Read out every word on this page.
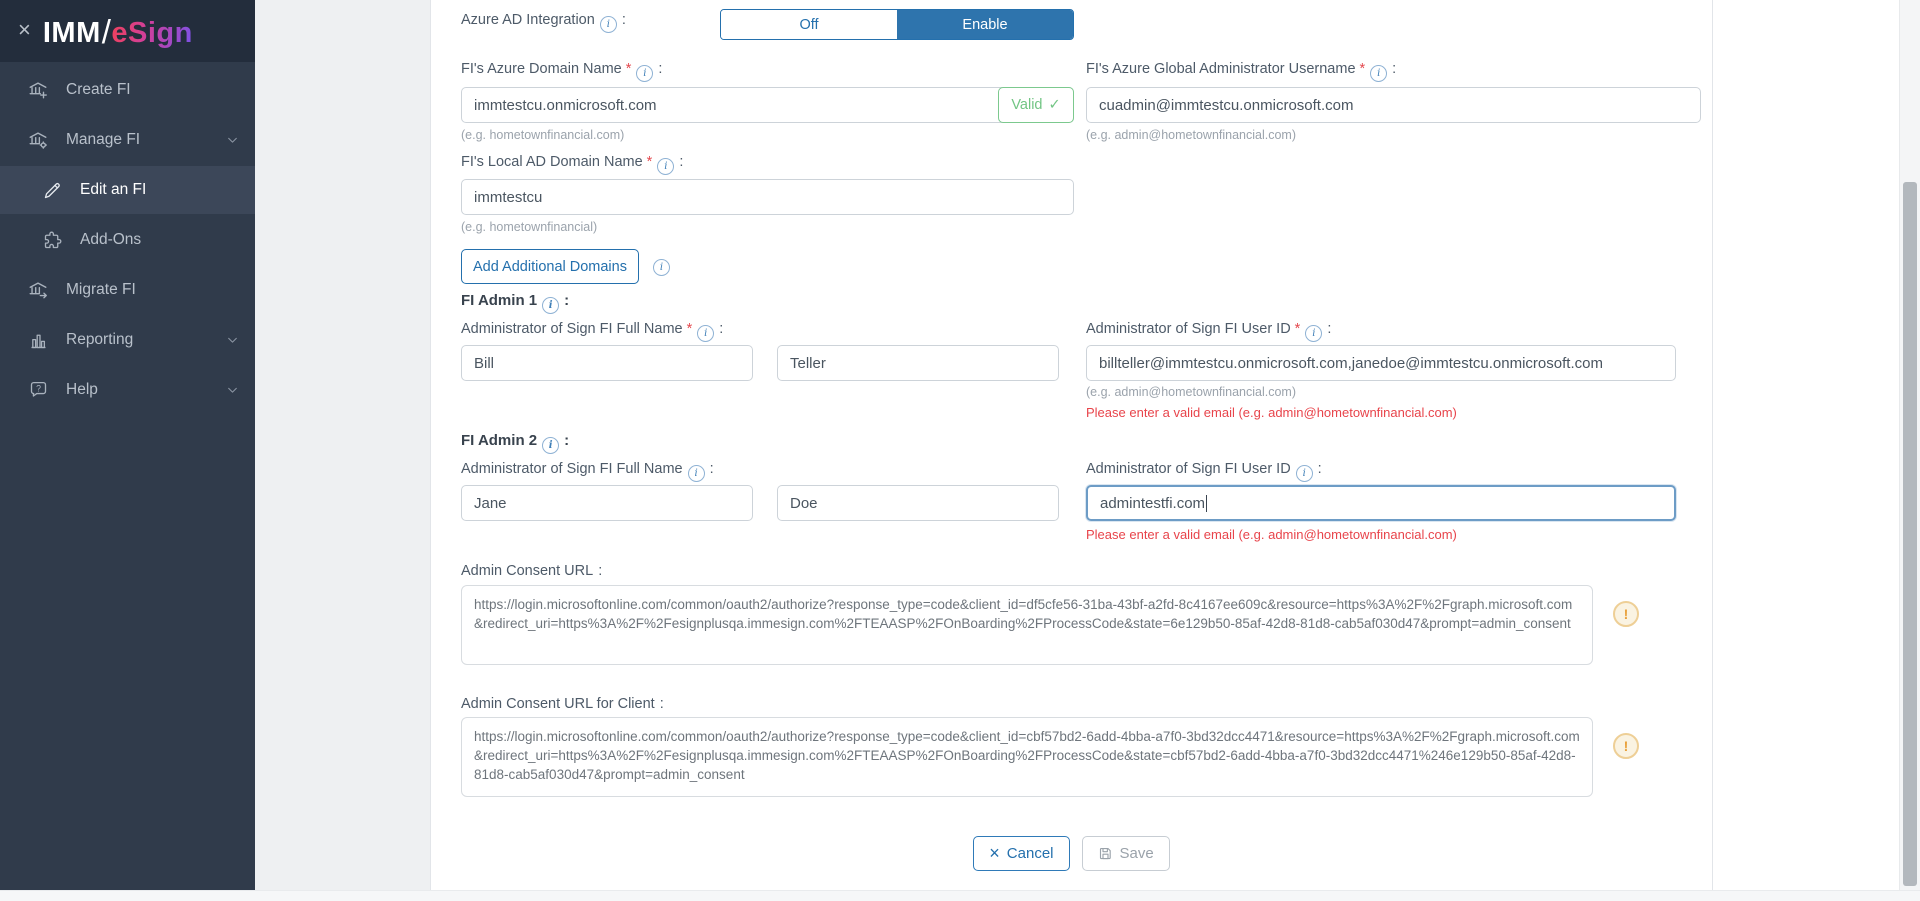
× IMM/eSign
Create FI
Manage FI
Edit an FI
Add-Ons
Migrate FI
Reporting
? Help
Azure AD Integration i :	Off	Enable
FI's Azure Domain Name * i :
immtestcu.onmicrosoft.com
Valid ✓
(e.g. hometownfinancial.com)
FI's Azure Global Administrator Username * i :
cuadmin@immtestcu.onmicrosoft.com
(e.g. admin@hometownfinancial.com)
FI's Local AD Domain Name * i :
immtestcu
(e.g. hometownfinancial)
Add Additional Domains	i
FI Admin 1 i :
Administrator of Sign FI Full Name * i :
Bill
Teller	Administrator of Sign FI User ID * i :
billteller@immtestcu.onmicrosoft.com,janedoe@immtestcu.onmicrosoft.com
(e.g. admin@hometownfinancial.com)
Please enter a valid email (e.g. admin@hometownfinancial.com)
FI Admin 2 i :
Administrator of Sign FI Full Name i :
Jane
Doe	Administrator of Sign FI User ID i :
admintestfi.com
Please enter a valid email (e.g. admin@hometownfinancial.com)
Admin Consent URL :
https://login.microsoftonline.com/common/oauth2/authorize?response_type=code&client_id=df5cfe56-31ba-43bf-a2fd-8c4167ee609c&resource=https%3A%2F%2Fgraph.microsoft.com&redirect_uri=https%3A%2F%2Fesignplusqa.immesign.com%2FTEAASP%2FOnBoarding%2FProcessCode&state=6e129b50-85af-42d8-81d8-cab5af030d47&prompt=admin_consent
!
Admin Consent URL for Client :
https://login.microsoftonline.com/common/oauth2/authorize?response_type=code&client_id=cbf57bd2-6add-4bba-a7f0-3bd32dcc4471&resource=https%3A%2F%2Fgraph.microsoft.com&redirect_uri=https%3A%2F%2Fesignplusqa.immesign.com%2FTEAASP%2FOnBoarding%2FProcessCode&state=cbf57bd2-6add-4bba-a7f0-3bd32dcc4471%246e129b50-85af-42d8-81d8-cab5af030d47&prompt=admin_consent
!
× Cancel	Save
